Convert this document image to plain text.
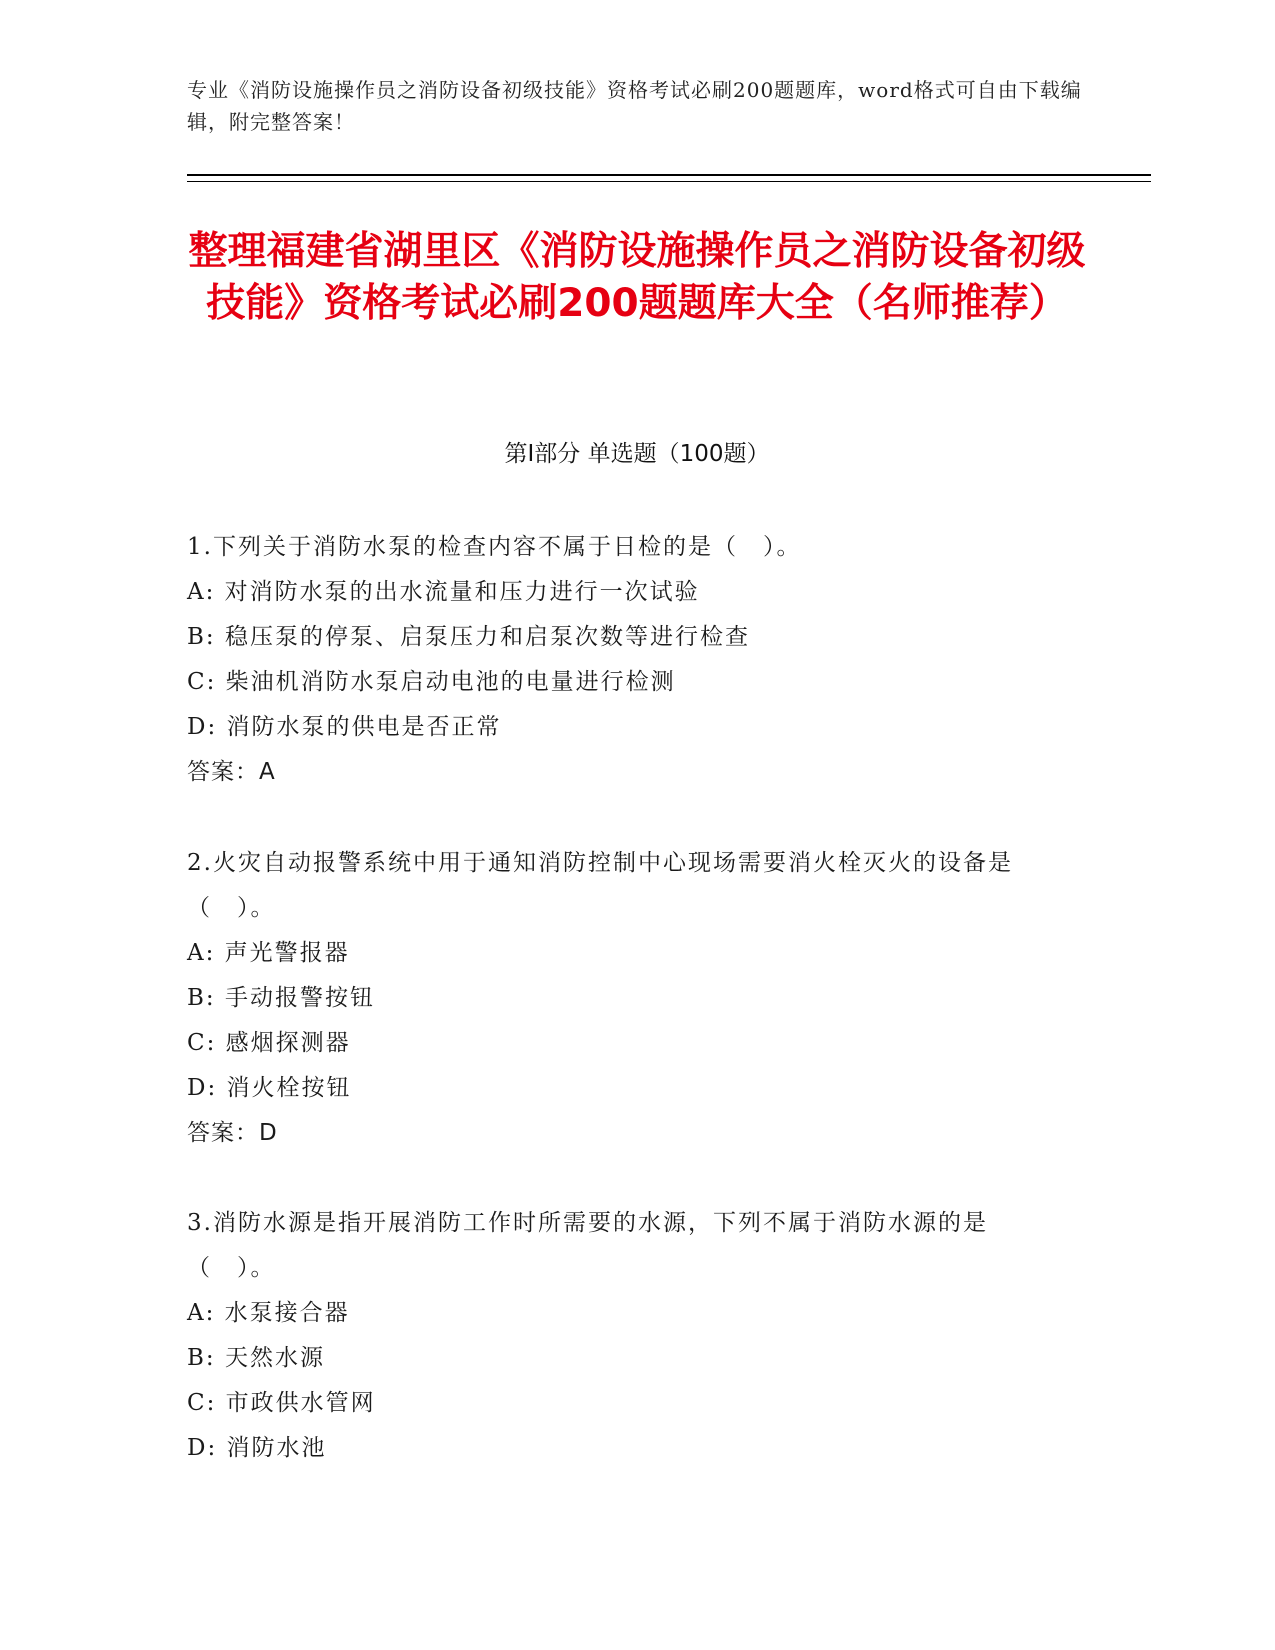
专业《消防设施操作员之消防设备初级技能》资格考试必刷200题题库，word格式可自由下载编辑，附完整答案！
整理福建省湖里区《消防设施操作员之消防设备初级技能》资格考试必刷200题题库大全（名师推荐）
第Ⅰ部分 单选题（100题）
1.下列关于消防水泵的检查内容不属于日检的是（　）。
A: 对消防水泵的出水流量和压力进行一次试验
B: 稳压泵的停泵、启泵压力和启泵次数等进行检查
C: 柴油机消防水泵启动电池的电量进行检测
D: 消防水泵的供电是否正常
答案：A
2.火灾自动报警系统中用于通知消防控制中心现场需要消火栓灭火的设备是（　）。
A: 声光警报器
B: 手动报警按钮
C: 感烟探测器
D: 消火栓按钮
答案：D
3.消防水源是指开展消防工作时所需要的水源，下列不属于消防水源的是（　）。
A: 水泵接合器
B: 天然水源
C: 市政供水管网
D: 消防水池
